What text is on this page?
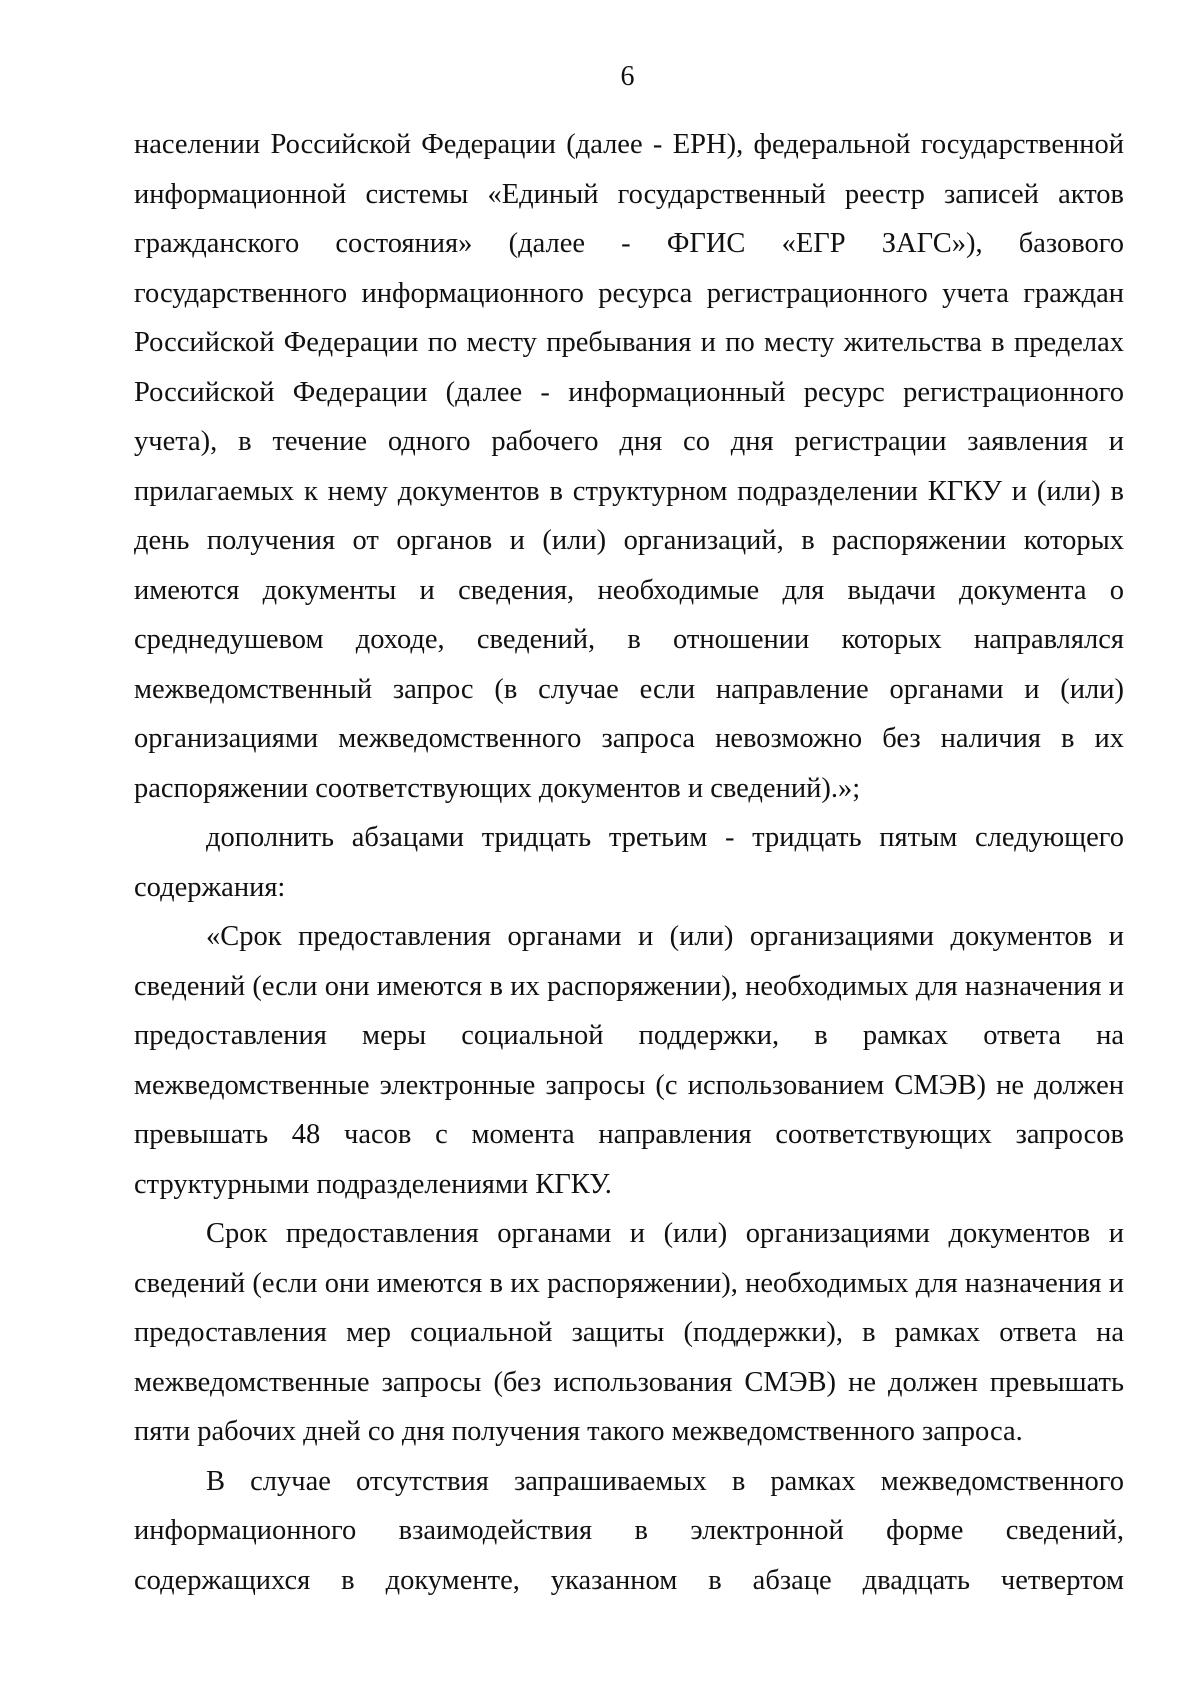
6

населении Российской Федерации (далее - ЕРН), федеральной государственной информационной системы «Единый государственный реестр записей актов гражданского состояния» (далее - ФГИС «ЕГР ЗАГС»), базового государственного информационного ресурса регистрационного учета граждан Российской Федерации по месту пребывания и по месту жительства в пределах Российской Федерации (далее - информационный ресурс регистрационного учета), в течение одного рабочего дня со дня регистрации заявления и прилагаемых к нему документов в структурном подразделении КГКУ и (или) в день получения от органов и (или) организаций, в распоряжении которых имеются документы и сведения, необходимые для выдачи документа о среднедушевом доходе, сведений, в отношении которых направлялся межведомственный запрос (в случае если направление органами и (или) организациями межведомственного запроса невозможно без наличия в их распоряжении соответствующих документов и сведений).»;

дополнить абзацами тридцать третьим - тридцать пятым следующего содержания:

«Срок предоставления органами и (или) организациями документов и сведений (если они имеются в их распоряжении), необходимых для назначения и предоставления меры социальной поддержки, в рамках ответа на межведомственные электронные запросы (с использованием СМЭВ) не должен превышать 48 часов с момента направления соответствующих запросов структурными подразделениями КГКУ.

Срок предоставления органами и (или) организациями документов и сведений (если они имеются в их распоряжении), необходимых для назначения и предоставления мер социальной защиты (поддержки), в рамках ответа на межведомственные запросы (без использования СМЭВ) не должен превышать пяти рабочих дней со дня получения такого межведомственного запроса.

В случае отсутствия запрашиваемых в рамках межведомственного информационного взаимодействия в электронной форме сведений, содержащихся в документе, указанном в абзаце двадцать четвертом
